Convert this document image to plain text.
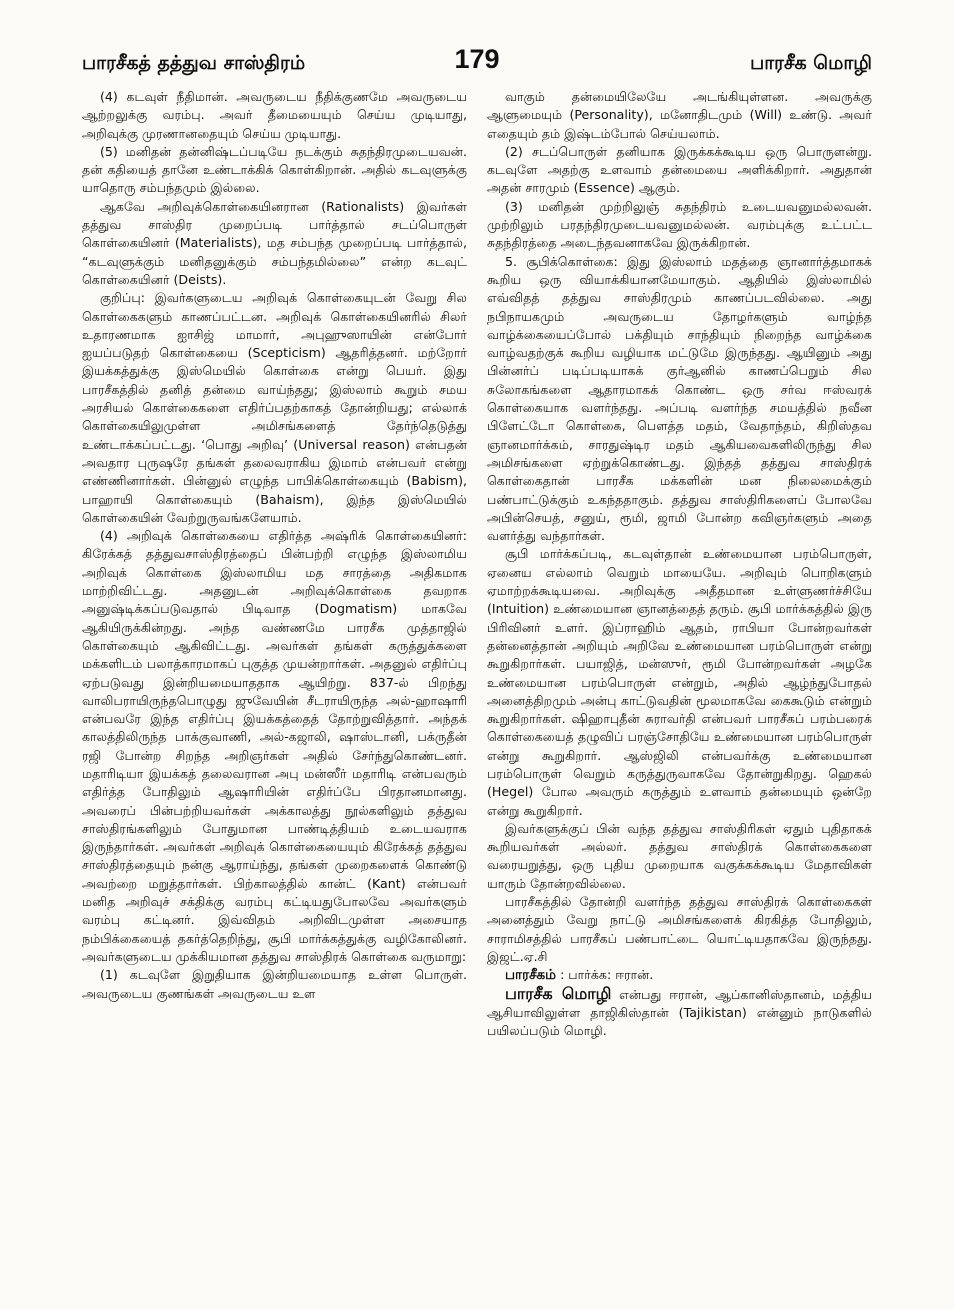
பாரசீகத் தத்துவ சாஸ்திரம்	179	பாரசீக மொழி

(4) கடவுள் நீதிமான். அவருடைய நீதிக்குணமே அவருடைய ஆற்றலுக்கு வரம்பு. அவர் தீமையையும் செய்ய முடியாது, அறிவுக்கு முரணானதையும் செய்ய முடியாது.

(5) மனிதன் தன்னிஷ்டப்படியே நடக்கும் சுதந்திரமுடையவன். தன் கதியைத் தானே உண்டாக்கிக் கொள்கிறான். அதில் கடவுளுக்கு யாதொரு சம்பந்தமும் இல்லை.

ஆகவே அறிவுக்கொள்கையினரான (Rationalists) இவர்கள் தத்துவ சாஸ்திர முறைப்படி பார்த்தால் சடப்பொருள் கொள்கையினர் (Materialists), மத சம்பந்த முறைப்படி பார்த்தால், “கடவுளுக்கும் மனிதனுக்கும் சம்பந்தமில்லை” என்ற கடவுட் கொள்கையினர் (Deists).

குறிப்பு: இவர்களுடைய அறிவுக் கொள்கையுடன் வேறு சில கொள்கைகளும் காணப்பட்டன. அறிவுக் கொள்கையினரில் சிலர் உதாரணமாக ஐாசிஜ் மாமார், அபுஹுஸாயின் என்போர் ஐயப்படுதற் கொள்கையை (Scepticism) ஆதரித்தனர். மற்றோர் இயக்கத்துக்கு இஸ்மெயில் கொள்கை என்று பெயர். இது பாரசீகத்தில் தனித் தன்மை வாய்ந்தது; இஸ்லாம் கூறும் சமய அரசியல் கொள்கைகளை எதிர்ப்பதற்காகத் தோன்றியது; எல்லாக் கொள்கையிலுமுள்ள அமிசங்களைத் தேர்ந்தெடுத்து உண்டாக்கப்பட்டது. ‘பொது அறிவு’ (Universal reason) என்பதன் அவதார புருஷரே தங்கள் தலைவராகிய இமாம் என்பவர் என்று எண்ணினார்கள். பின்னுல் எழுந்த பாபிக்கொள்கையும் (Babism), பாஹாயி கொள்கையும் (Bahaism), இந்த இஸ்மெயில் கொள்கையின் வேற்றுருவங்களேயாம்.

(4) அறிவுக் கொள்கையை எதிர்த்த அஷ்ரிக் கொள்கையினர்: கிரேக்கத் தத்துவசாஸ்திரத்தைப் பின்பற்றி எழுந்த இஸ்லாமிய அறிவுக் கொள்கை இஸ்லாமிய மத சாரத்தை அதிகமாக மாற்றிவிட்டது. அதனுடன் அறிவுக்கொள்கை தவறாக அனுஷ்டிக்கப்படுவதால் பிடிவாத (Dogmatism) மாகவே ஆகியிருக்கின்றது. அந்த வண்ணமே பாரசீக முத்தாஜில் கொள்கையும் ஆகிவிட்டது. அவர்கள் தங்கள் கருத்துக்களை மக்களிடம் பலாத்காரமாகப் புகுத்த முயன்றார்கள். அதனுல் எதிர்ப்பு ஏற்படுவது இன்றியமையாததாக ஆயிற்று. 837-ல் பிறந்து வாலிபராயிருந்தபொழுது ஜுவேயின் சீடராயிருந்த அல்-ஹாஷாரி என்பவரே இந்த எதிர்ப்பு இயக்கத்தைத் தோற்றுவித்தார். அந்தக் காலத்திலிருந்த பாக்குவாணி, அல்-கஜாலி, ஷாஸ்டானி, பக்ருதீன் ரஜி போன்ற சிறந்த அறிஞர்கள் அதில் சேர்ந்துகொண்டனர். மதாரிடியா இயக்கத் தலைவரான அபு மன்ஸீர் மதாரிடி என்பவரும் எதிர்த்த போதிலும் ஆஷாரியின் எதிர்ப்பே பிரதானமானது. அவரைப் பின்பற்றியவர்கள் அக்காலத்து நூல்களிலும் தத்துவ சாஸ்திரங்களிலும் போதுமான பாண்டித்தியம் உடையவராக இருந்தார்கள். அவர்கள் அறிவுக் கொள்கையையும் கிரேக்கத் தத்துவ சாஸ்திரத்தையும் நன்கு ஆராய்ந்து, தங்கள் முறைகளைக் கொண்டு அவற்றை மறுத்தார்கள். பிற்காலத்தில் கான்ட் (Kant) என்பவர் மனித அறிவுச் சக்திக்கு வரம்பு கட்டியதுபோலவே அவர்களும் வரம்பு கட்டினர். இவ்விதம் அறிவிடமுள்ள அசையாத நம்பிக்கையைத் தகர்த்தெறிந்து, சூபி மார்க்கத்துக்கு வழிகோலினர். அவர்களுடைய முக்கியமான தத்துவ சாஸ்திரக் கொள்கை வருமாறு:

(1) கடவுளே இறுதியாக இன்றியமையாத உள்ள பொருள். அவருடைய குணங்கள் அவருடைய உள

வாகும் தன்மையிலேயே அடங்கியுள்ளன. அவருக்கு ஆளுமையும் (Personality), மனோதிடமும் (Will) உண்டு. அவர் எதையும் தம் இஷ்டம்போல் செய்யலாம்.

(2) சடப்பொருள் தனியாக இருக்கக்கூடிய ஒரு பொருளன்று. கடவுளே அதற்கு உளவாம் தன்மையை அளிக்கிறார். அதுதான் அதன் சாரமும் (Essence) ஆகும்.

(3) மனிதன் முற்றிலுஞ் சுதந்திரம் உடையவனுமல்லவன். முற்றிலும் பரதந்திரமுடையவனுமல்லன். வரம்புக்கு உட்பட்ட சுதந்திரத்தை அடைந்தவனாகவே இருக்கிறான்.

5. சூபிக்கொள்கை: இது இஸ்லாம் மதத்தை ஞானார்த்தமாகக் கூறிய ஒரு வியாக்கியானமேயாகும். ஆதியில் இஸ்லாமில் எவ்விதத் தத்துவ சாஸ்திரமும் காணப்படவில்லை. அது நபிநாயகமும் அவருடைய தோழர்களும் வாழ்ந்த வாழ்க்கையைப்போல் பக்தியும் சாந்தியும் நிறைந்த வாழ்க்கை வாழ்வதற்குக் கூறிய வழியாக மட்டுமே இருந்தது. ஆயினும் அது பின்னர்ப் படிப்படியாகக் குர்ஆனில் காணப்பெறும் சில சுலோகங்களை ஆதாரமாகக் கொண்ட ஒரு சர்வ ஈஸ்வரக் கொள்கையாக வளர்ந்தது. அப்படி வளர்ந்த சமயத்தில் நவீன பிளேட்டோ கொள்கை, பௌத்த மதம், வேதாந்தம், கிறிஸ்தவ ஞானமார்க்கம், சாரதுஷ்டிர மதம் ஆகியவைகளிலிருந்து சில அமிசங்களை ஏற்றுக்கொண்டது. இந்தத் தத்துவ சாஸ்திரக் கொள்கைதான் பாரசீக மக்களின் மன நிலைமைக்கும் பண்பாட்டுக்கும் உகந்ததாகும். தத்துவ சாஸ்திரிகளைப் போலவே அபின்செயத், சனுய், ரூமி, ஜாமி போன்ற கவிஞர்களும் அதை வளர்த்து வந்தார்கள்.

சூபி மார்க்கப்படி, கடவுள்தான் உண்மையான பரம்பொருள், ஏனைய எல்லாம் வெறும் மாயையே. அறிவும் பொறிகளும் ஏமாற்றக்கூடியவை. அறிவுக்கு அதீதமான உள்ளுணர்ச்சியே (Intuition) உண்மையான ஞானத்தைத் தரும். சூபி மார்க்கத்தில் இரு பிரிவினர் உளர். இப்ராஹிம் ஆதம், ராபியா போன்றவர்கள் தன்னைத்தான் அறியும் அறிவே உண்மையான பரம்பொருள் என்று கூறுகிறார்கள். பயாஜித், மன்ஸுர், ரூமி போன்றவர்கள் அழகே உண்மையான பரம்பொருள் என்றும், அதில் ஆழ்ந்துபோதல் அனைத்திறமும் அன்பு காட்டுவதின் மூலமாகவே கைகூடும் என்றும் கூறுகிறார்கள். ஷிஹாபுதீன் சுராவர்தி என்பவர் பாரசீகப் பரம்பரைக் கொள்கையைத் தழுவிப் பரஞ்சோதியே உண்மையான பரம்பொருள் என்று கூறுகிறார். ஆஸ்ஜிலி என்பவர்க்கு உண்மையான பரம்பொருள் வெறும் கருத்துருவாகவே தோன்றுகிறது. ஹெகல் (Hegel) போல அவரும் கருத்தும் உளவாம் தன்மையும் ஒன்றே என்று கூறுகிறார்.

இவர்களுக்குப் பின் வந்த தத்துவ சாஸ்திரிகள் ஏதும் புதிதாகக் கூறியவர்கள் அல்லர். தத்துவ சாஸ்திரக் கொள்கைகளை வரையறுத்து, ஒரு புதிய முறையாக வகுக்கக்கூடிய மேதாவிகள் யாரும் தோன்றவில்லை.

பாரசீகத்தில் தோன்றி வளர்ந்த தத்துவ சாஸ்திரக் கொள்கைகள் அனைத்தும் வேறு நாட்டு அமிசங்களைக் கிரகித்த போதிலும், சாராமிசத்தில் பாரசீகப் பண்பாட்டை யொட்டியதாகவே இருந்தது. இஜட்.ஏ.சி

பாரசீகம் : பார்க்க: ஈரான்.

பாரசீக மொழி என்பது ஈரான், ஆப்கானிஸ்தானம், மத்திய ஆசியாவிலுள்ள தாஜிகிஸ்தான் (Tajikistan) என்னும் நாடுகளில் பயிலப்படும் மொழி.
